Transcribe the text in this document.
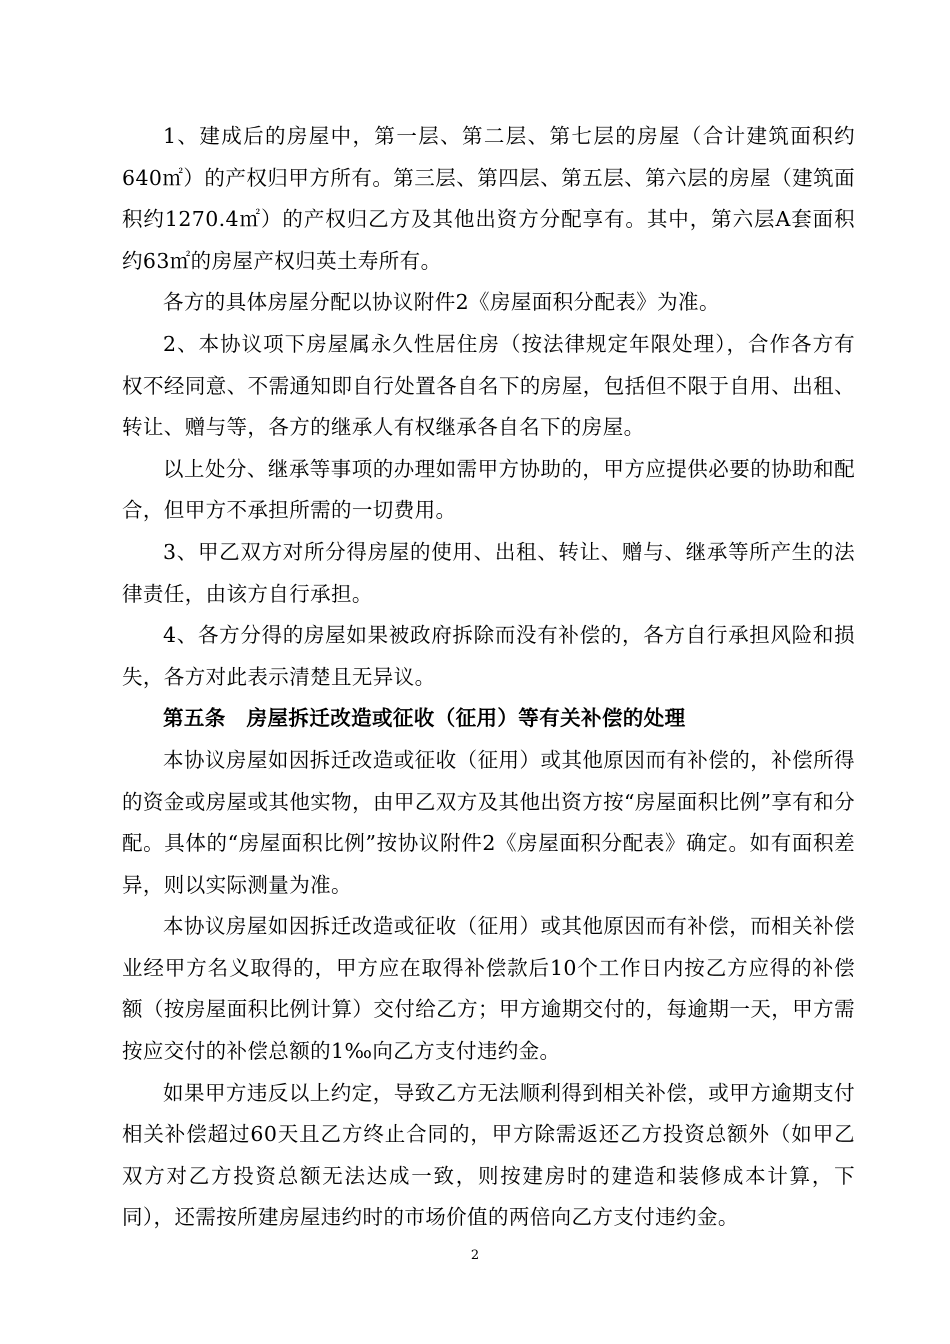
1、建成后的房屋中，第一层、第二层、第七层的房屋（合计建筑面积约640㎡）的产权归甲方所有。第三层、第四层、第五层、第六层的房屋（建筑面积约1270.4㎡）的产权归乙方及其他出资方分配享有。其中，第六层A套面积约63㎡的房屋产权归英土寿所有。

各方的具体房屋分配以协议附件2《房屋面积分配表》为准。

2、本协议项下房屋属永久性居住房（按法律规定年限处理），合作各方有权不经同意、不需通知即自行处置各自名下的房屋，包括但不限于自用、出租、转让、赠与等，各方的继承人有权继承各自名下的房屋。

以上处分、继承等事项的办理如需甲方协助的，甲方应提供必要的协助和配合，但甲方不承担所需的一切费用。

3、甲乙双方对所分得房屋的使用、出租、转让、赠与、继承等所产生的法律责任，由该方自行承担。

4、各方分得的房屋如果被政府拆除而没有补偿的，各方自行承担风险和损失，各方对此表示清楚且无异议。

第五条　房屋拆迁改造或征收（征用）等有关补偿的处理

本协议房屋如因拆迁改造或征收（征用）或其他原因而有补偿的，补偿所得的资金或房屋或其他实物，由甲乙双方及其他出资方按“房屋面积比例”享有和分配。具体的“房屋面积比例”按协议附件2《房屋面积分配表》确定。如有面积差异，则以实际测量为准。

本协议房屋如因拆迁改造或征收（征用）或其他原因而有补偿，而相关补偿业经甲方名义取得的，甲方应在取得补偿款后10个工作日内按乙方应得的补偿额（按房屋面积比例计算）交付给乙方；甲方逾期交付的，每逾期一天，甲方需按应交付的补偿总额的1‰向乙方支付违约金。

如果甲方违反以上约定，导致乙方无法顺利得到相关补偿，或甲方逾期支付相关补偿超过60天且乙方终止合同的，甲方除需返还乙方投资总额外（如甲乙双方对乙方投资总额无法达成一致，则按建房时的建造和装修成本计算，下同），还需按所建房屋违约时的市场价值的两倍向乙方支付违约金。

2
